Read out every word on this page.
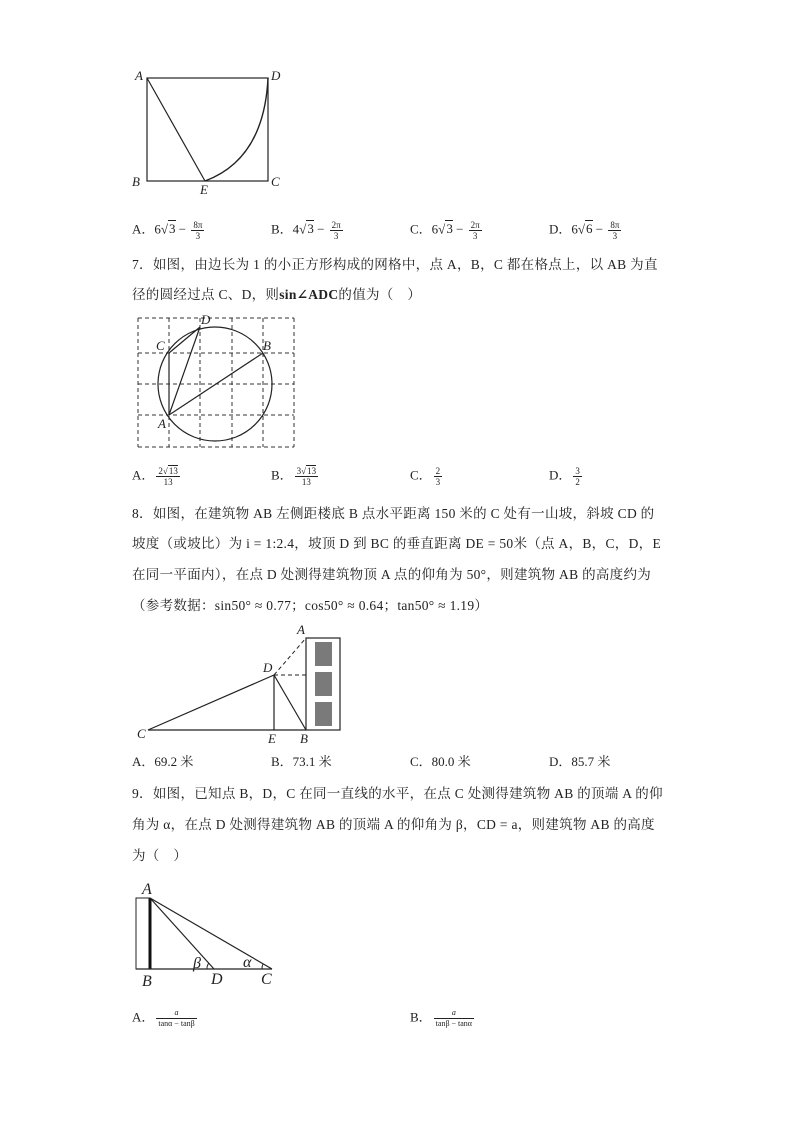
A	D
B	C
E
A．$6√3 - \frac{8\pi}{3}$	B．$4√3 - \frac{2\pi}{3}$	C．$6√3 - \frac{2\pi}{3}$	D．$6√6 - \frac{8\pi}{3}$
7．如图，由边长为 1 的小正方形构成的网格中，点 A，B，C 都在格点上，以 AB 为直
径的圆经过点 C、D，则sin∠ADC的值为（　）
D
C	B
A
A． $\frac{2√13}{13}$	B． $\frac{3√13}{13}$	C． $\frac{2}{3}$	D． $\frac{3}{2}$
8．如图，在建筑物 AB 左侧距楼底 B 点水平距离 150 米的 C 处有一山坡，斜坡 CD 的
坡度（或坡比）为 i = 1:2.4，坡顶 D 到 BC 的垂直距离 DE = 50米（点 A，B，C，D，E
在同一平面内），在点 D 处测得建筑物顶 A 点的仰角为 50°，则建筑物 AB 的高度约为
（参考数据：sin50° ≈ 0.77；cos50° ≈ 0.64；tan50° ≈ 1.19）
A
D
C	E B
A．69.2 米	B．73.1 米	C．80.0 米	D．85.7 米
9．如图，已知点 B，D，C 在同一直线的水平，在点 C 处测得建筑物 AB 的顶端 A 的仰
角为 α，在点 D 处测得建筑物 AB 的顶端 A 的仰角为 β，CD = a，则建筑物 AB 的高度
为（　）
A
B	D C
β	α
A． $\frac{a}{\tan\alpha - \tan\beta}$	B． $\frac{a}{\tan\beta - \tan\alpha}$
